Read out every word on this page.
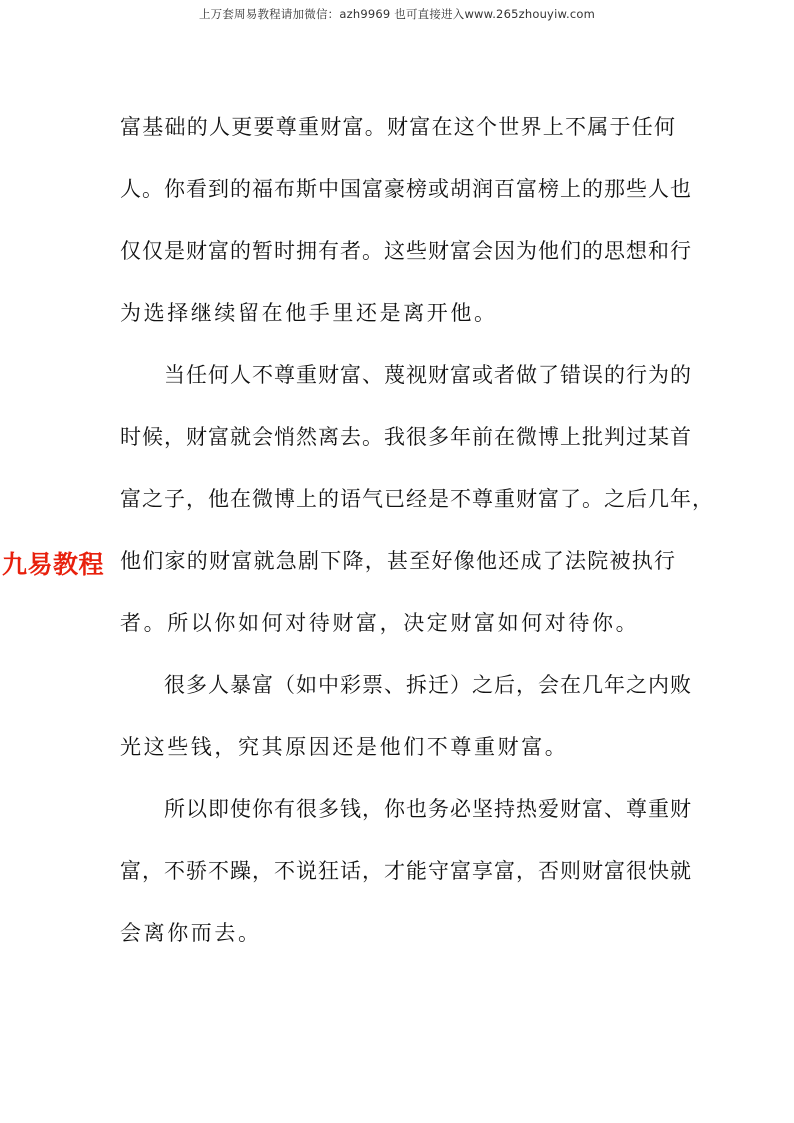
上万套周易教程请加微信：azh9969 也可直接进入www.265zhouyiw.com
九易教程
富基础的人更要尊重财富。财富在这个世界上不属于任何
人。你看到的福布斯中国富豪榜或胡润百富榜上的那些人也
仅仅是财富的暂时拥有者。这些财富会因为他们的思想和行
为选择继续留在他手里还是离开他。
当任何人不尊重财富、蔑视财富或者做了错误的行为的
时候，财富就会悄然离去。我很多年前在微博上批判过某首
富之子，他在微博上的语气已经是不尊重财富了。之后几年，
他们家的财富就急剧下降，甚至好像他还成了法院被执行
者。所以你如何对待财富，决定财富如何对待你。
很多人暴富（如中彩票、拆迁）之后，会在几年之内败
光这些钱，究其原因还是他们不尊重财富。
所以即使你有很多钱，你也务必坚持热爱财富、尊重财
富，不骄不躁，不说狂话，才能守富享富，否则财富很快就
会离你而去。
